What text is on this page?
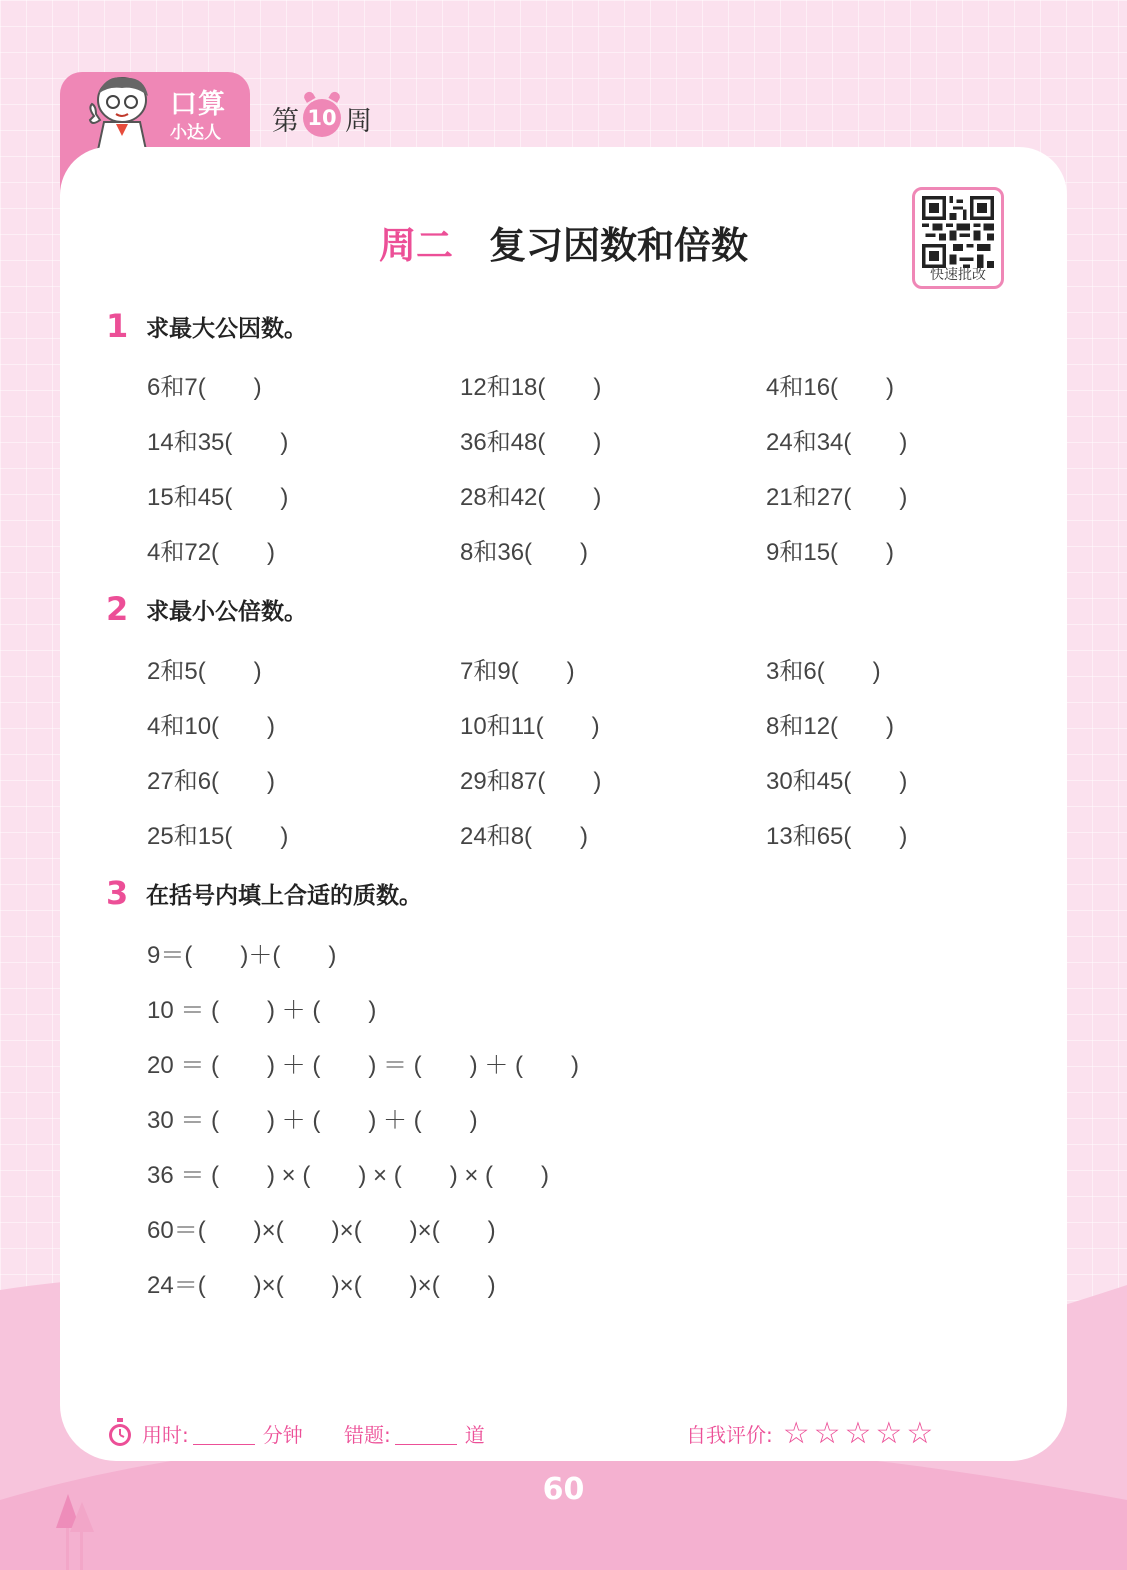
口算
小达人 第 10 周
周二 复习因数和倍数
快速批改
1 求最大公因数。
6和7(　　)	12和18(　　)	4和16(　　)
14和35(　　)	36和48(　　)	24和34(　　)
15和45(　　)	28和42(　　)	21和27(　　)
4和72(　　)	8和36(　　)	9和15(　　)
2 求最小公倍数。
2和5(　　)	7和9(　　)	3和6(　　)
4和10(　　)	10和11(　　)	8和12(　　)
27和6(　　)	29和87(　　)	30和45(　　)
25和15(　　)	24和8(　　)	13和65(　　)
3 在括号内填上合适的质数。
9＝(　　)＋(　　)
10 ＝ (　　) ＋ (　　)
20 ＝ (　　) ＋ (　　) ＝ (　　) ＋ (　　)
30 ＝ (　　) ＋ (　　) ＋ (　　)
36 ＝ (　　) × (　　) × (　　) × (　　)
60＝(　　)×(　　)×(　　)×(　　)
24＝(　　)×(　　)×(　　)×(　　)
用时:	分钟 错题:	道	自我评价: ☆☆☆☆☆
60
